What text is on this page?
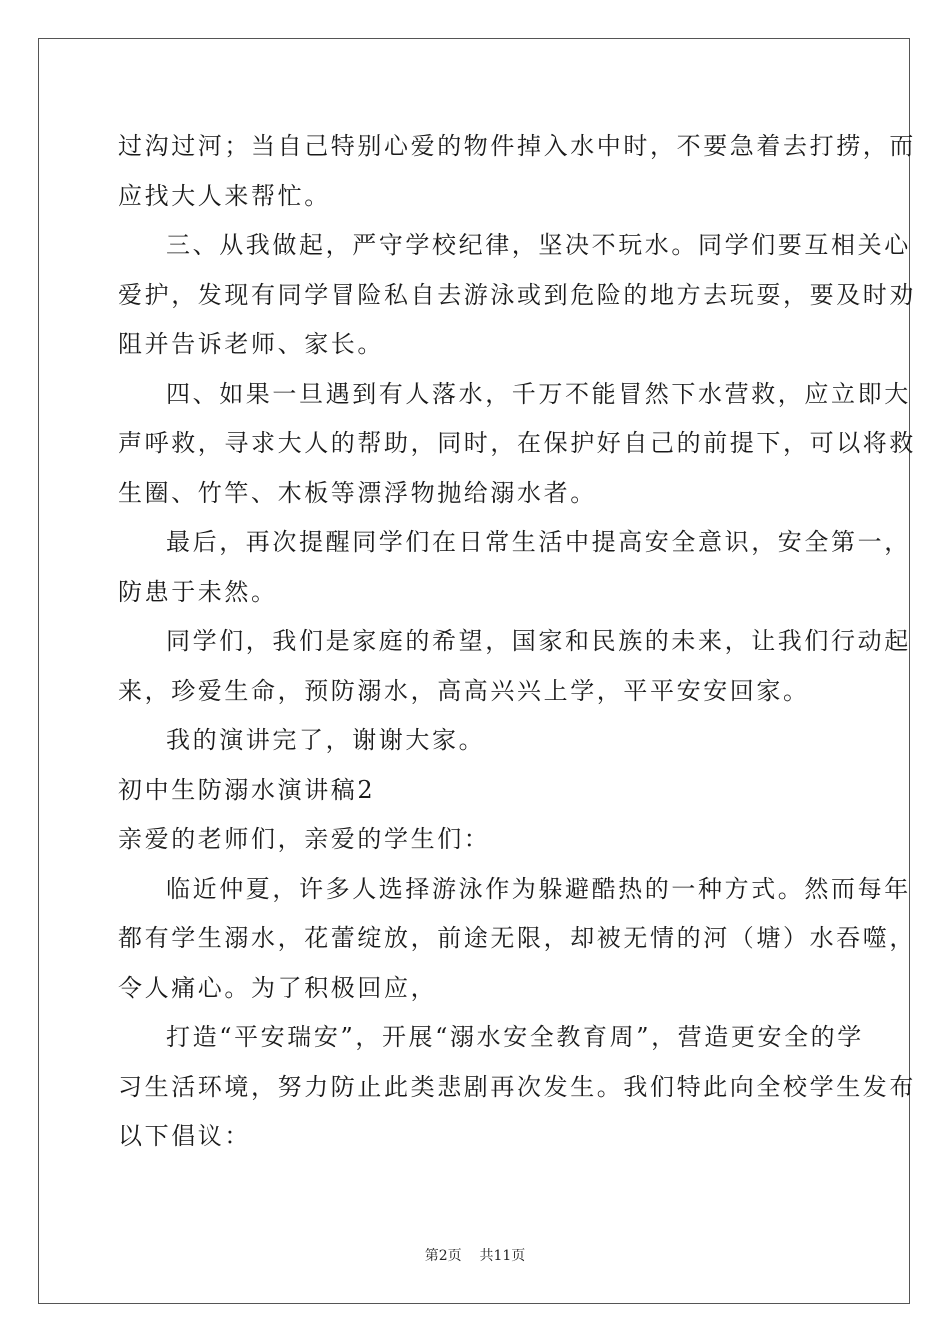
过沟过河；当自己特别心爱的物件掉入水中时，不要急着去打捞，而
应找大人来帮忙。
三、从我做起，严守学校纪律，坚决不玩水。同学们要互相关心
爱护，发现有同学冒险私自去游泳或到危险的地方去玩耍，要及时劝
阻并告诉老师、家长。
四、如果一旦遇到有人落水，千万不能冒然下水营救，应立即大
声呼救，寻求大人的帮助，同时，在保护好自己的前提下，可以将救
生圈、竹竿、木板等漂浮物抛给溺水者。
最后，再次提醒同学们在日常生活中提高安全意识，安全第一，
防患于未然。
同学们，我们是家庭的希望，国家和民族的未来，让我们行动起
来，珍爱生命，预防溺水，高高兴兴上学，平平安安回家。
我的演讲完了，谢谢大家。
初中生防溺水演讲稿2
亲爱的老师们，亲爱的学生们：
临近仲夏，许多人选择游泳作为躲避酷热的一种方式。然而每年
都有学生溺水，花蕾绽放，前途无限，却被无情的河（塘）水吞噬，
令人痛心。为了积极回应，
打造“平安瑞安”，开展“溺水安全教育周”，营造更安全的学
习生活环境，努力防止此类悲剧再次发生。我们特此向全校学生发布
以下倡议：
第2页 共11页
